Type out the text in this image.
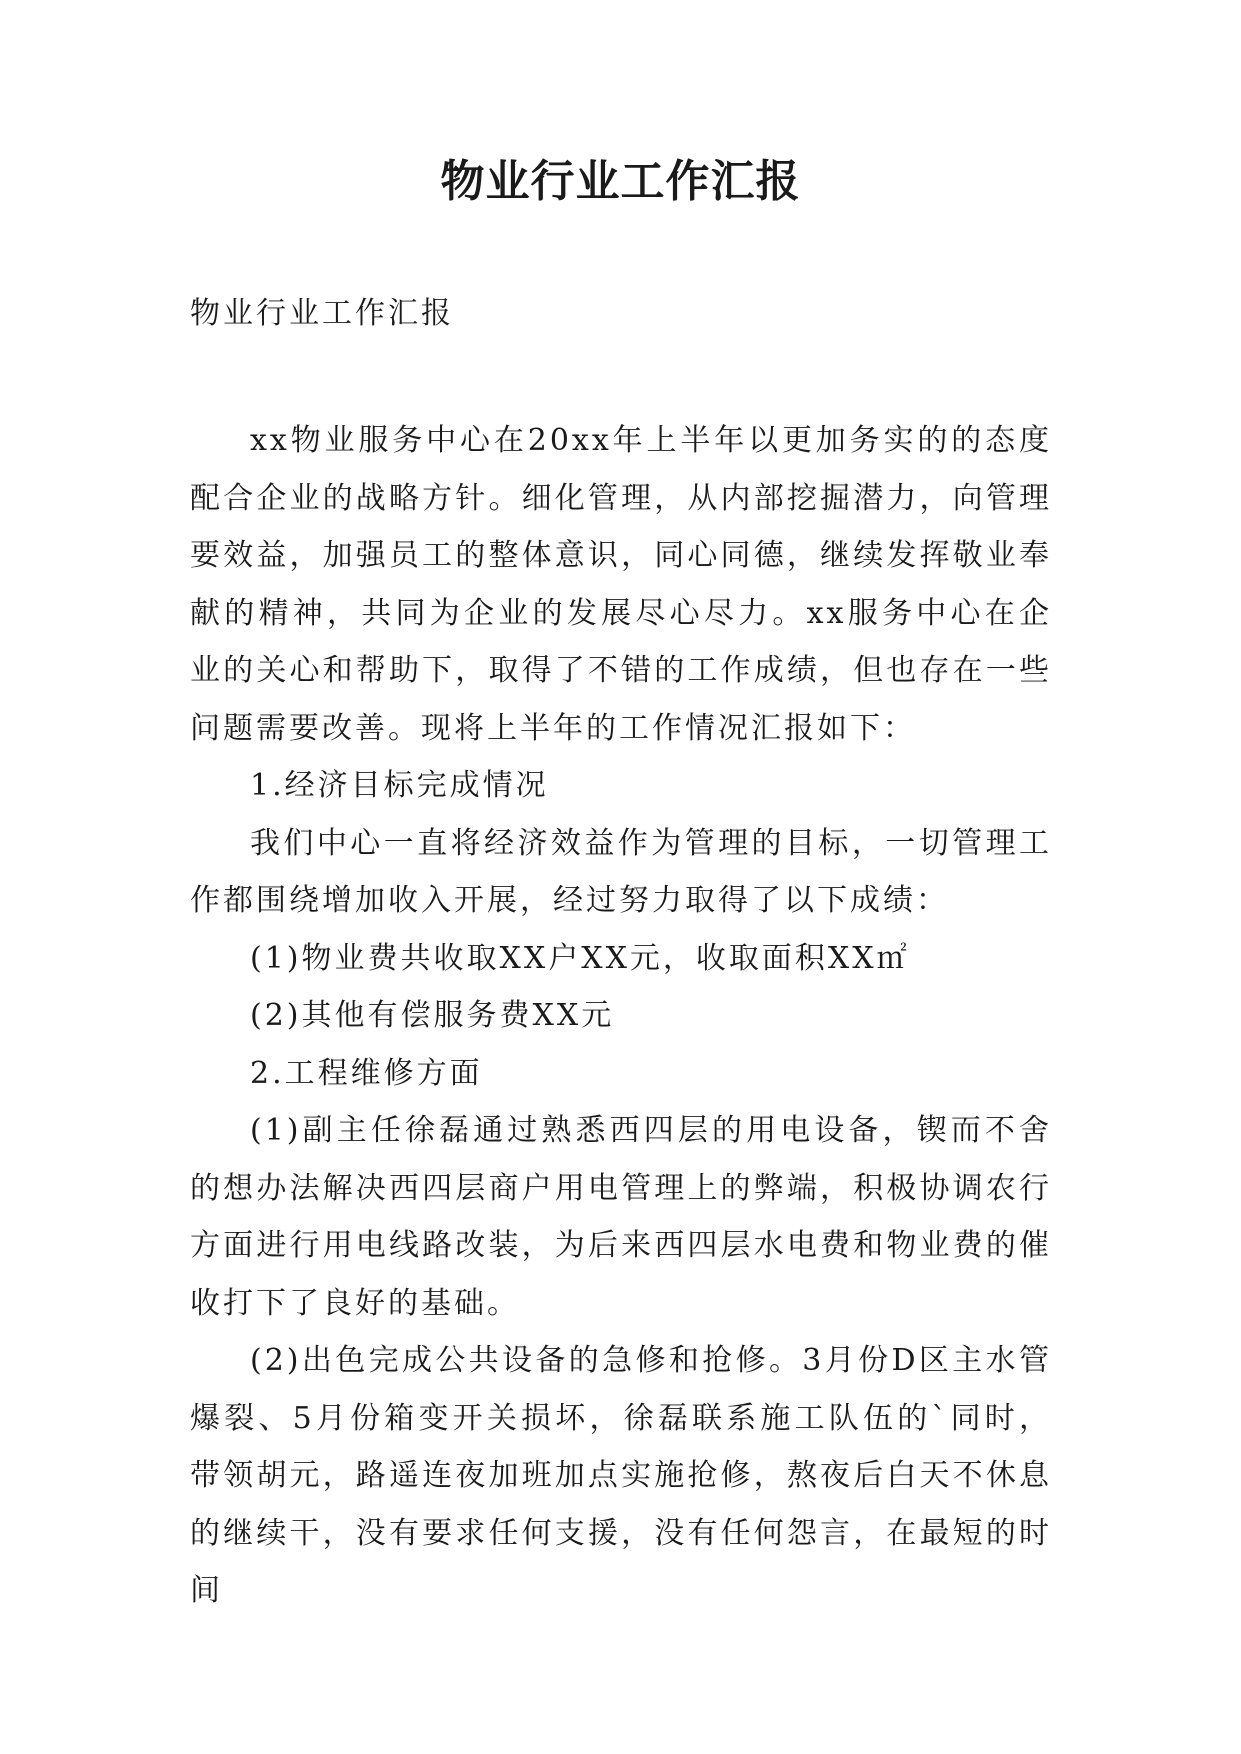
物业行业工作汇报
物业行业工作汇报

xx物业服务中心在20xx年上半年以更加务实的的态度配合企业的战略方针。细化管理，从内部挖掘潜力，向管理要效益，加强员工的整体意识，同心同德，继续发挥敬业奉献的精神，共同为企业的发展尽心尽力。xx服务中心在企业的关心和帮助下，取得了不错的工作成绩，但也存在一些问题需要改善。现将上半年的工作情况汇报如下：

1.经济目标完成情况

我们中心一直将经济效益作为管理的目标，一切管理工作都围绕增加收入开展，经过努力取得了以下成绩：

(1)物业费共收取XX户XX元，收取面积XX㎡

(2)其他有偿服务费XX元

2.工程维修方面

(1)副主任徐磊通过熟悉西四层的用电设备，锲而不舍的想办法解决西四层商户用电管理上的弊端，积极协调农行方面进行用电线路改装，为后来西四层水电费和物业费的催收打下了良好的基础。

(2)出色完成公共设备的急修和抢修。3月份D区主水管爆裂、5月份箱变开关损坏，徐磊联系施工队伍的`同时，带领胡元，路遥连夜加班加点实施抢修，熬夜后白天不休息的继续干，没有要求任何支援，没有任何怨言，在最短的时间
